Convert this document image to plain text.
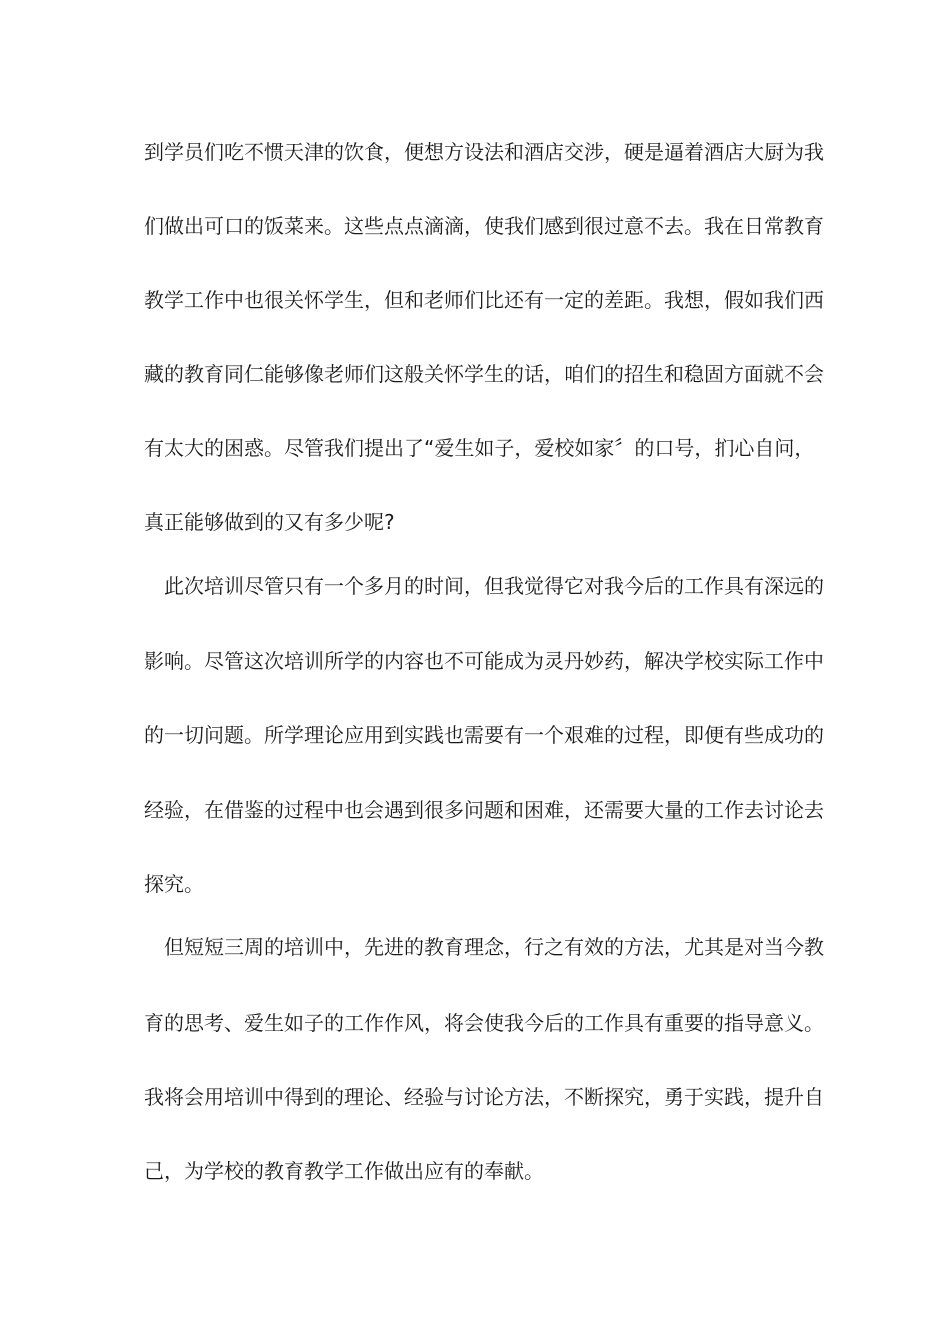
到学员们吃不惯天津的饮食，便想方设法和酒店交涉，硬是逼着酒店大厨为我
们做出可口的饭菜来。这些点点滴滴，使我们感到很过意不去。我在日常教育
教学工作中也很关怀学生，但和老师们比还有一定的差距。我想，假如我们西
藏的教育同仁能够像老师们这般关怀学生的话，咱们的招生和稳固方面就不会
有太大的困惑。尽管我们提出了“爱生如子，爱校如家〞的口号，扪心自问，
真正能够做到的又有多少呢?
　此次培训尽管只有一个多月的时间，但我觉得它对我今后的工作具有深远的
影响。尽管这次培训所学的内容也不可能成为灵丹妙药，解决学校实际工作中
的一切问题。所学理论应用到实践也需要有一个艰难的过程，即便有些成功的
经验，在借鉴的过程中也会遇到很多问题和困难，还需要大量的工作去讨论去
探究。
　但短短三周的培训中，先进的教育理念，行之有效的方法，尤其是对当今教
育的思考、爱生如子的工作作风，将会使我今后的工作具有重要的指导意义。
我将会用培训中得到的理论、经验与讨论方法，不断探究，勇于实践，提升自
己，为学校的教育教学工作做出应有的奉献。
